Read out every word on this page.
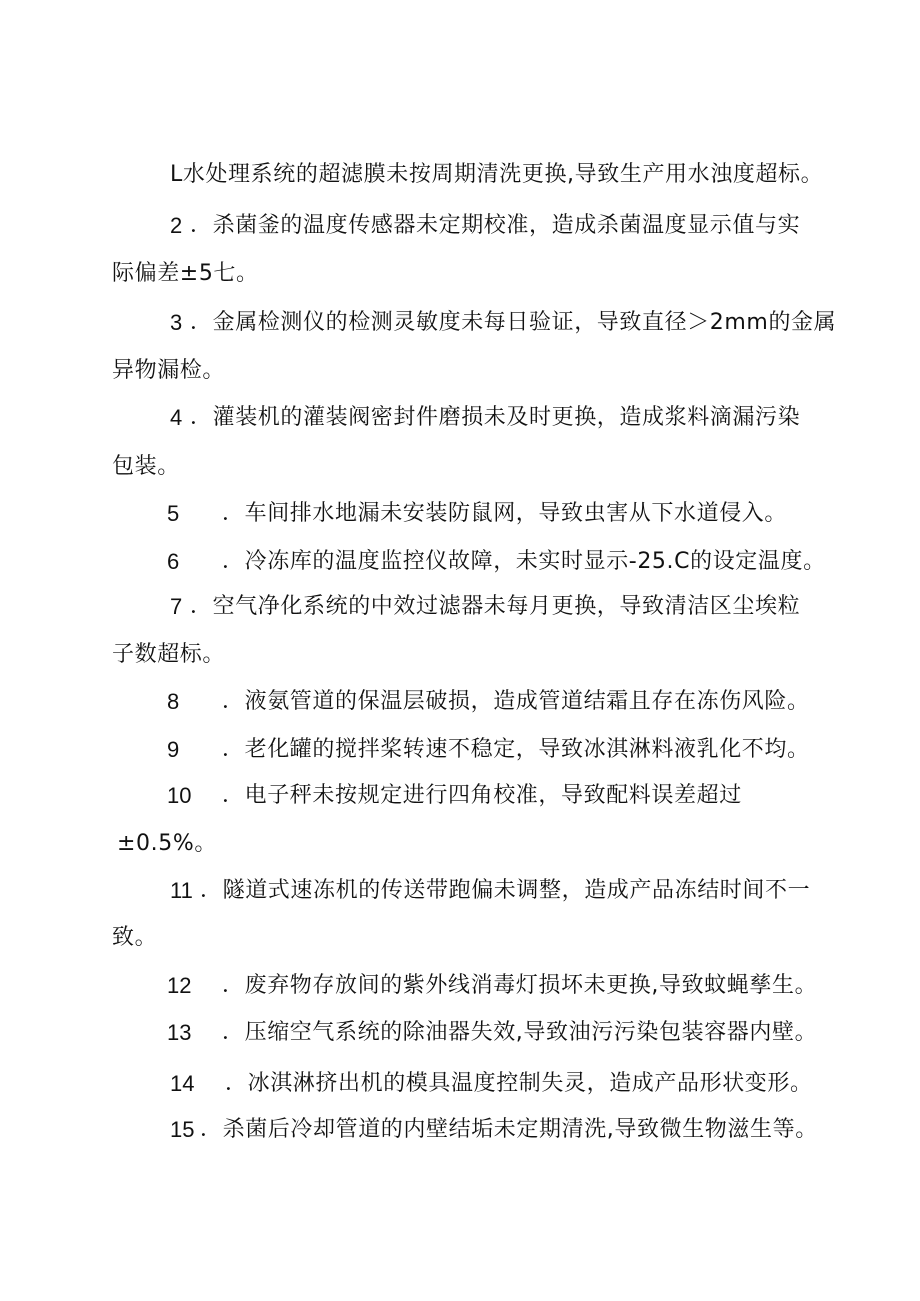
L水处理系统的超滤膜未按周期清洗更换,导致生产用水浊度超标。
2 ．杀菌釜的温度传感器未定期校准，造成杀菌温度显示值与实
际偏差±5七。
3 ．金属检测仪的检测灵敏度未每日验证，导致直径＞2mm的金属
异物漏检。
4 ．灌装机的灌装阀密封件磨损未及时更换，造成浆料滴漏污染
包装。
5 ．车间排水地漏未安装防鼠网，导致虫害从下水道侵入。
6 ．冷冻库的温度监控仪故障，未实时显示-25.C的设定温度。
7 ．空气净化系统的中效过滤器未每月更换，导致清洁区尘埃粒
子数超标。
8 ．液氨管道的保温层破损，造成管道结霜且存在冻伤风险。
9 ．老化罐的搅拌桨转速不稳定，导致冰淇淋料液乳化不均。
10 ．电子秤未按规定进行四角校准，导致配料误差超过
±0.5%。
11 ．隧道式速冻机的传送带跑偏未调整，造成产品冻结时间不一
致。
12 ．废弃物存放间的紫外线消毒灯损坏未更换,导致蚊蝇孳生。
13 ．压缩空气系统的除油器失效,导致油污污染包装容器内壁。
14 ．冰淇淋挤出机的模具温度控制失灵，造成产品形状变形。
15 ．杀菌后冷却管道的内壁结垢未定期清洗,导致微生物滋生等。
